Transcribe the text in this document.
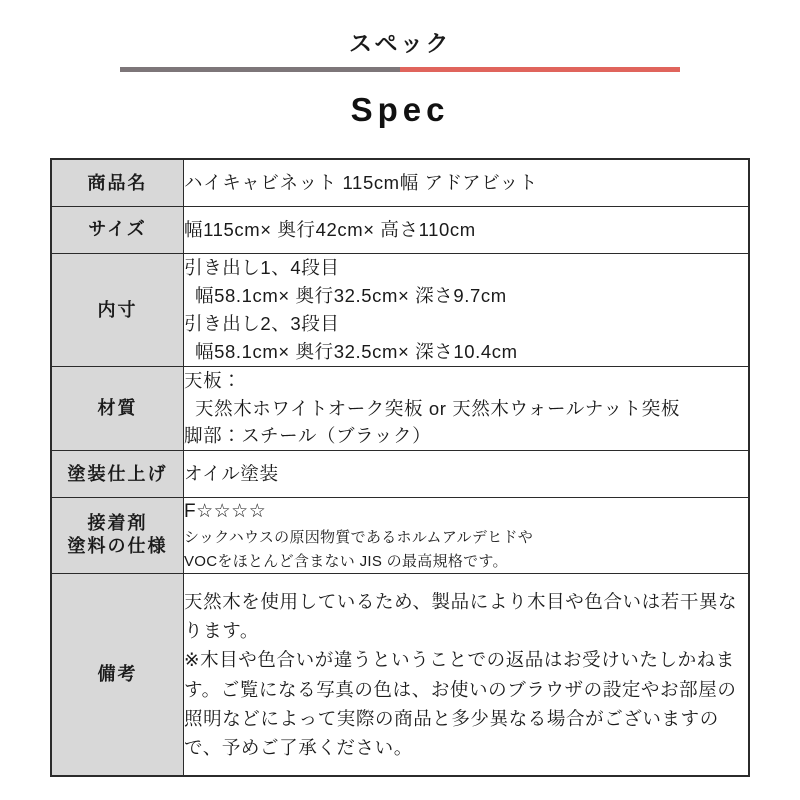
スペック
Spec
商品名	ハイキャビネット 115cm幅 アドアビット

サイズ	幅115cm× 奥行42cm× 高さ110cm

内寸	引き出し1、4段目
幅58.1cm× 奥行32.5cm× 深さ9.7cm
引き出し2、3段目
幅58.1cm× 奥行32.5cm× 深さ10.4cm

材質	天板：
天然木ホワイトオーク突板 or 天然木ウォールナット突板
脚部：スチール（ブラック）

塗装仕上げ	オイル塗装

接着剤
塗料の仕様	F☆☆☆☆
シックハウスの原因物質であるホルムアルデヒドや
VOCをほとんど含まない JIS の最高規格です。

備考	天然木を使用しているため、製品により木目や色合いは若干異なります。
※木目や色合いが違うということでの返品はお受けいたしかねます。ご覧になる写真の色は、お使いのブラウザの設定やお部屋の照明などによって実際の商品と多少異なる場合がございますので、予めご了承ください。
